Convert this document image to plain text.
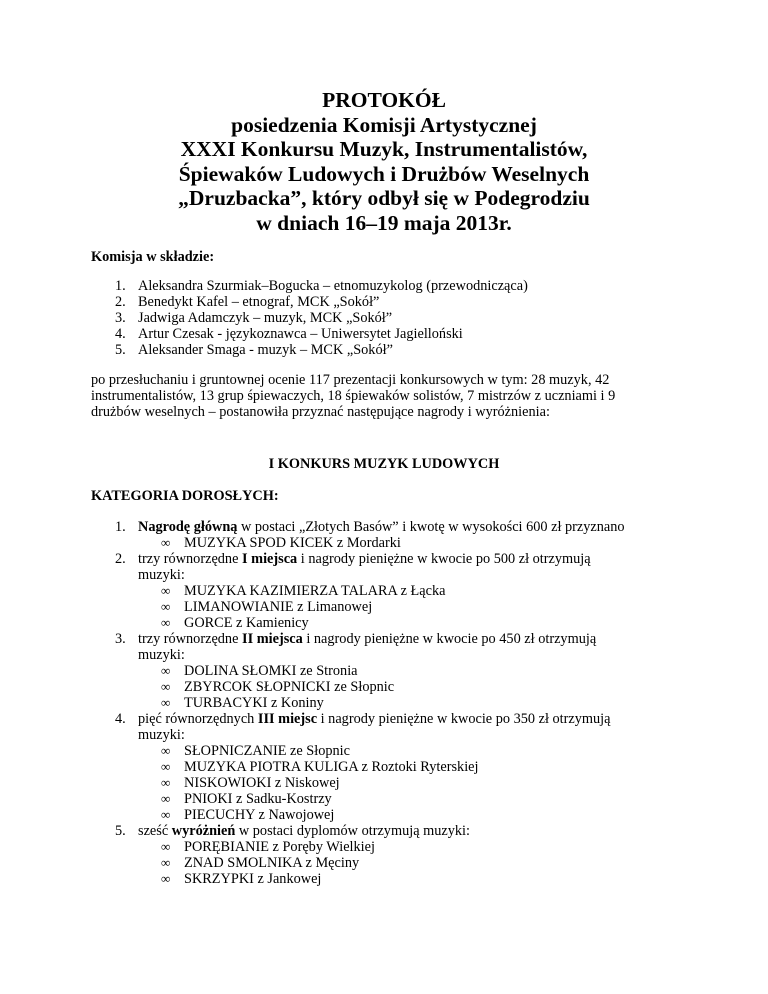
PROTOKÓŁ
posiedzenia Komisji Artystycznej
XXXI Konkursu Muzyk, Instrumentalistów,
Śpiewaków Ludowych i Drużbów Weselnych
„Druzbacka”, który odbył się w Podegrodziu
w dniach 16–19 maja 2013r.
Komisja w składzie:
1. Aleksandra Szurmiak–Bogucka – etnomuzykolog (przewodnicząca)
2. Benedykt Kafel – etnograf, MCK „Sokół”
3. Jadwiga Adamczyk – muzyk, MCK „Sokół”
4. Artur Czesak - językoznawca – Uniwersytet Jagielloński
5. Aleksander Smaga - muzyk – MCK „Sokół”
po przesłuchaniu i gruntownej ocenie 117 prezentacji konkursowych w tym: 28 muzyk, 42
instrumentalistów, 13 grup śpiewaczych, 18 śpiewaków solistów, 7 mistrzów z uczniami i 9
drużbów weselnych – postanowiła przyznać następujące nagrody i wyróżnienia:
I KONKURS MUZYK LUDOWYCH
KATEGORIA DOROSŁYCH:
1. Nagrodę główną w postaci „Złotych Basów” i kwotę w wysokości 600 zł przyznano
∞ MUZYKA SPOD KICEK z Mordarki
2. trzy równorzędne I miejsca i nagrody pieniężne w kwocie po 500 zł otrzymują
muzyki:
∞ MUZYKA KAZIMIERZA TALARA z Łącka
∞ LIMANOWIANIE z Limanowej
∞ GORCE z Kamienicy
3. trzy równorzędne II miejsca i nagrody pieniężne w kwocie po 450 zł otrzymują
muzyki:
∞ DOLINA SŁOMKI ze Stronia
∞ ZBYRCOK SŁOPNICKI ze Słopnic
∞ TURBACYKI z Koniny
4. pięć równorzędnych III miejsc i nagrody pieniężne w kwocie po 350 zł otrzymują
muzyki:
∞ SŁOPNICZANIE ze Słopnic
∞ MUZYKA PIOTRA KULIGA z Roztoki Ryterskiej
∞ NISKOWIOKI z Niskowej
∞ PNIOKI z Sadku-Kostrzy
∞ PIECUCHY z Nawojowej
5. sześć wyróżnień w postaci dyplomów otrzymują muzyki:
∞ PORĘBIANIE z Poręby Wielkiej
∞ ZNAD SMOLNIKA z Męciny
∞ SKRZYPKI z Jankowej
